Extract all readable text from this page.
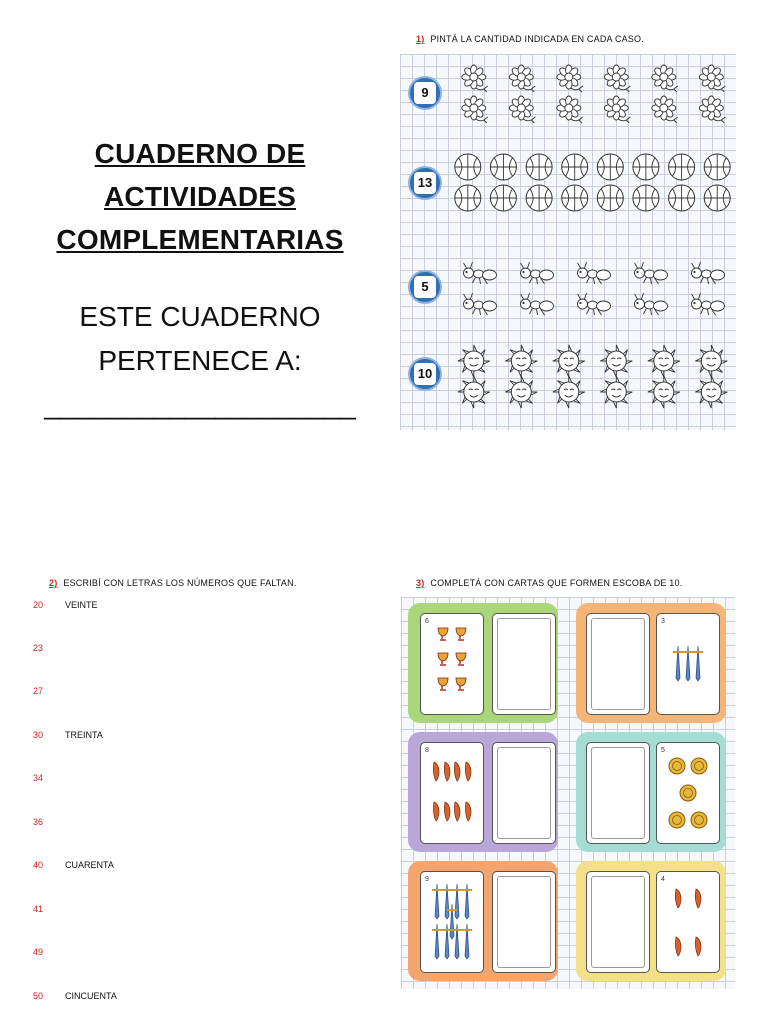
CUADERNO DE
ACTIVIDADES
COMPLEMENTARIAS
ESTE CUADERNO
PERTENECE A:
____________________
1) PINTÁ LA CANTIDAD INDICADA EN CADA CASO.
9
13
5
10
2) ESCRIBÍ CON LETRAS LOS NÚMEROS QUE FALTAN.
20	VEINTE
23
27
30	TREINTA
34
36
40	CUARENTA
41
49
50	CINCUENTA
3) COMPLETÁ CON CARTAS QUE FORMEN ESCOBA DE 10.
6	3
8	5
9	4
